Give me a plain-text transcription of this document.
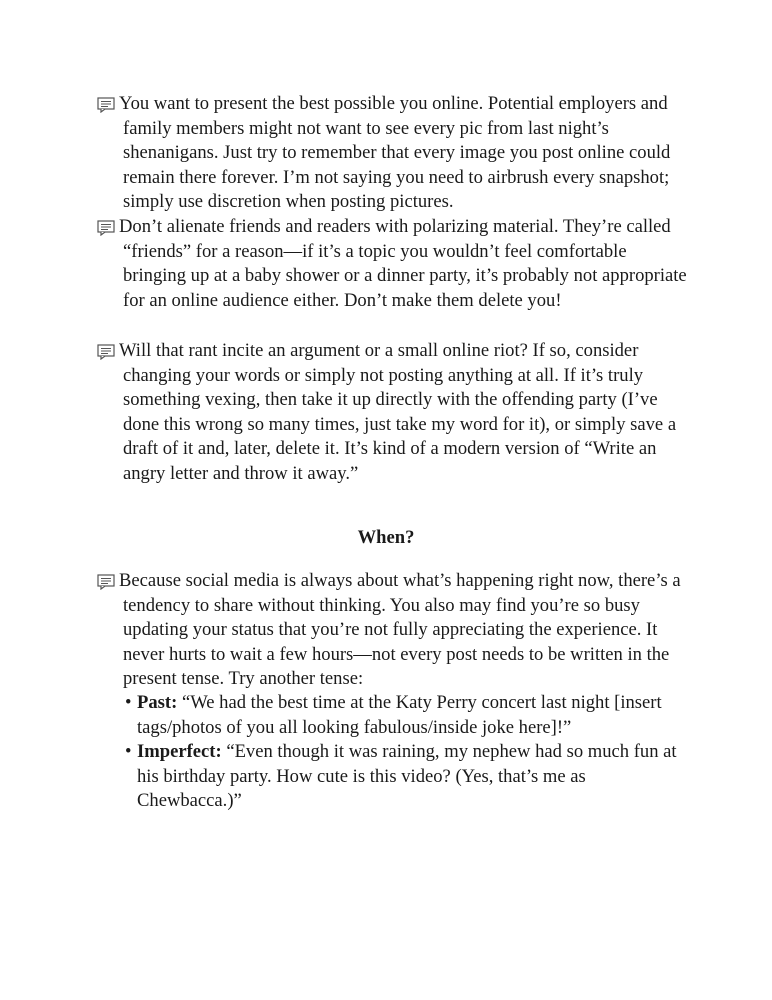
You want to present the best possible you online. Potential employers and family members might not want to see every pic from last night’s shenanigans. Just try to remember that every image you post online could remain there forever. I’m not saying you need to airbrush every snapshot; simply use discretion when posting pictures.
Don’t alienate friends and readers with polarizing material. They’re called “friends” for a reason—if it’s a topic you wouldn’t feel comfortable bringing up at a baby shower or a dinner party, it’s probably not appropriate for an online audience either. Don’t make them delete you!
Will that rant incite an argument or a small online riot? If so, consider changing your words or simply not posting anything at all. If it’s truly something vexing, then take it up directly with the offending party (I’ve done this wrong so many times, just take my word for it), or simply save a draft of it and, later, delete it. It’s kind of a modern version of “Write an angry letter and throw it away.”
When?
Because social media is always about what’s happening right now, there’s a tendency to share without thinking. You also may find you’re so busy updating your status that you’re not fully appreciating the experience. It never hurts to wait a few hours—not every post needs to be written in the present tense. Try another tense:
• Past: “We had the best time at the Katy Perry concert last night [insert tags/photos of you all looking fabulous/inside joke here]!”
• Imperfect: “Even though it was raining, my nephew had so much fun at his birthday party. How cute is this video? (Yes, that’s me as Chewbacca.)”
